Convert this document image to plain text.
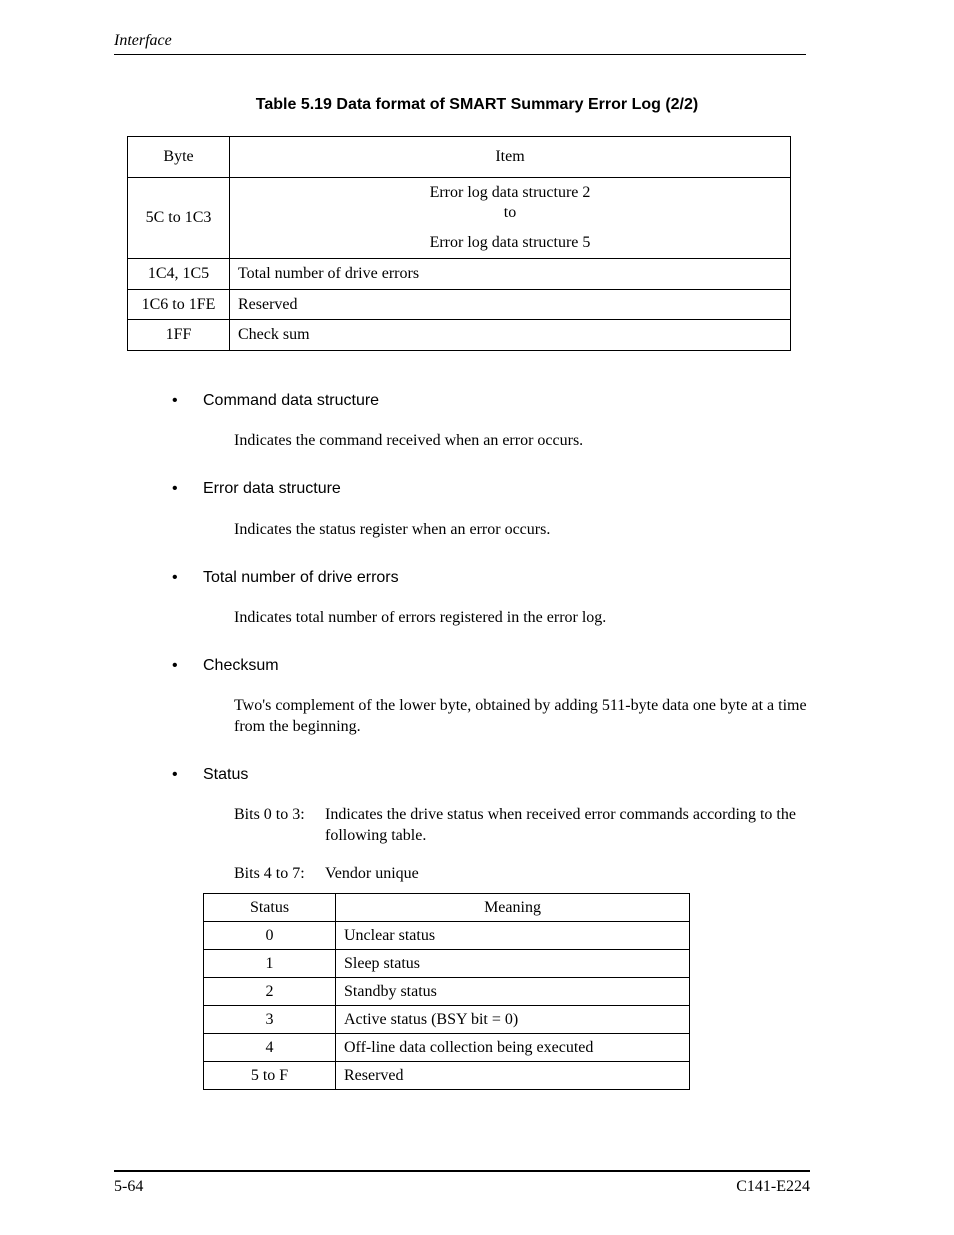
Interface
Table 5.19 Data format of SMART Summary Error Log (2/2)
Byte	Item
5C to 1C3	Error log data structure 2
to
Error log data structure 5

1C4, 1C5	Total number of drive errors
1C6 to 1FE	Reserved
1FF	Check sum
• Command data structure
Indicates the command received when an error occurs.
• Error data structure
Indicates the status register when an error occurs.
• Total number of drive errors
Indicates total number of errors registered in the error log.
• Checksum
Two's complement of the lower byte, obtained by adding 511-byte data one byte at a time from the beginning.
• Status
Bits 0 to 3:	Indicates the drive status when received error commands according to the following table.
Bits 4 to 7:	Vendor unique
Status	Meaning
0	Unclear status
1	Sleep status
2	Standby status
3	Active status (BSY bit = 0)
4	Off-line data collection being executed
5 to F	Reserved
5-64	C141-E224
